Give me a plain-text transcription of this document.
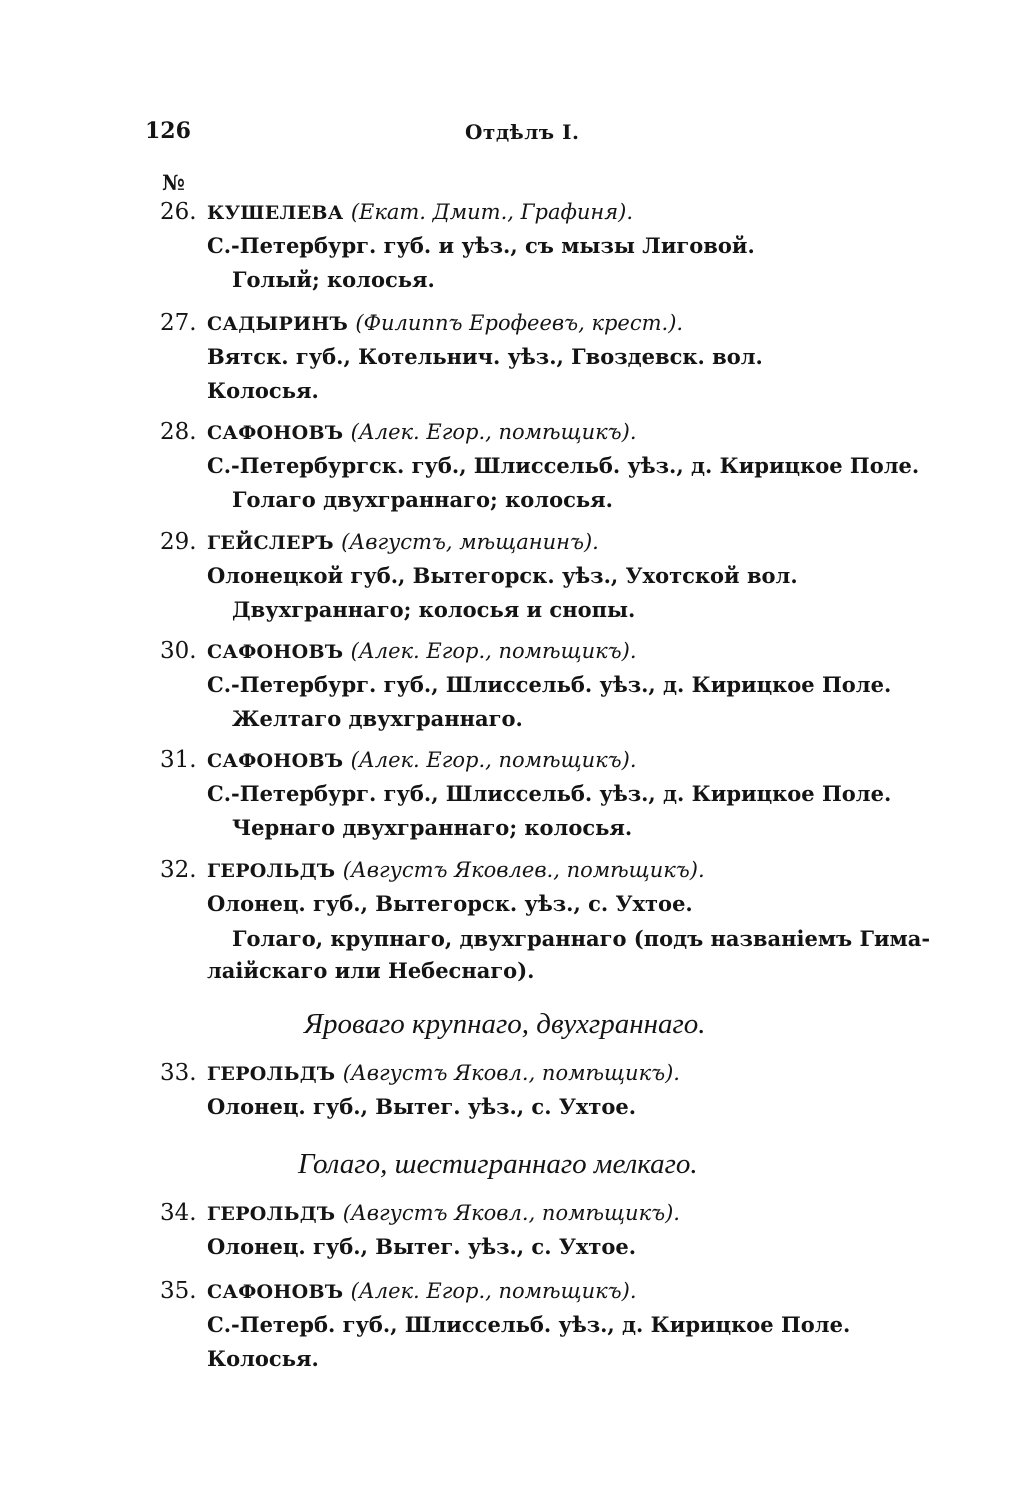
126	Отдѣлъ I.
№
26. КУШЕЛЕВА (Екат. Дмит., Графиня).
С.-Петербург. губ. и уѣз., съ мызы Лиговой.
Голый; колосья.
27. САДЫРИНЪ (Филиппъ Ерофеевъ, крест.).
Вятск. губ., Котельнич. уѣз., Гвоздевск. вол.
Колосья.
28. САФОНОВЪ (Алек. Егор., помѣщикъ).
С.-Петербургск. губ., Шлиссельб. уѣз., д. Кирицкое Поле.
Голаго двухграннаго; колосья.
29. ГЕЙСЛЕРЪ (Августъ, мѣщанинъ).
Олонецкой губ., Вытегорск. уѣз., Ухотской вол.
Двухграннаго; колосья и снопы.
30. САФОНОВЪ (Алек. Егор., помѣщикъ).
С.-Петербург. губ., Шлиссельб. уѣз., д. Кирицкое Поле.
Желтаго двухграннаго.
31. САФОНОВЪ (Алек. Егор., помѣщикъ).
С.-Петербург. губ., Шлиссельб. уѣз., д. Кирицкое Поле.
Чернаго двухграннаго; колосья.
32. ГЕРОЛЬДЪ (Августъ Яковлев., помѣщикъ).
Олонец. губ., Вытегорск. уѣз., с. Ухтое.
Голаго, крупнаго, двухграннаго (подъ названіемъ Гима-
лаійскаго или Небеснаго).
Яроваго крупнаго, двухграннаго.
33. ГЕРОЛЬДЪ (Августъ Яковл., помѣщикъ).
Олонец. губ., Вытег. уѣз., с. Ухтое.
Голаго, шестиграннаго мелкаго.
34. ГЕРОЛЬДЪ (Августъ Яковл., помѣщикъ).
Олонец. губ., Вытег. уѣз., с. Ухтое.
35. САФОНОВЪ (Алек. Егор., помѣщикъ).
С.-Петерб. губ., Шлиссельб. уѣз., д. Кирицкое Поле.
Колосья.
